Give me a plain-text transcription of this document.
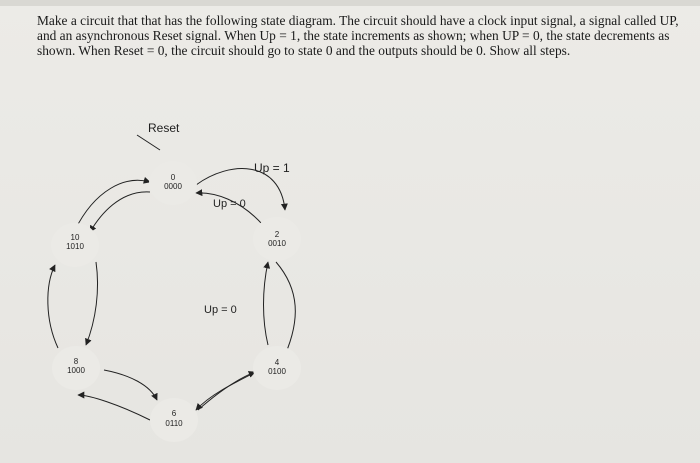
Make a circuit that that has the following state diagram. The circuit should have a clock input signal, a signal called UP, and an asynchronous Reset signal. When Up = 1, the state increments as shown; when UP = 0, the state decrements as shown. When Reset = 0, the circuit should go to state 0 and the outputs should be 0. Show all steps.
Reset
Up = 1
Up = 0
Up = 0
0
0000
2
0010
4
0100
6
0110
8
1000
10
1010
